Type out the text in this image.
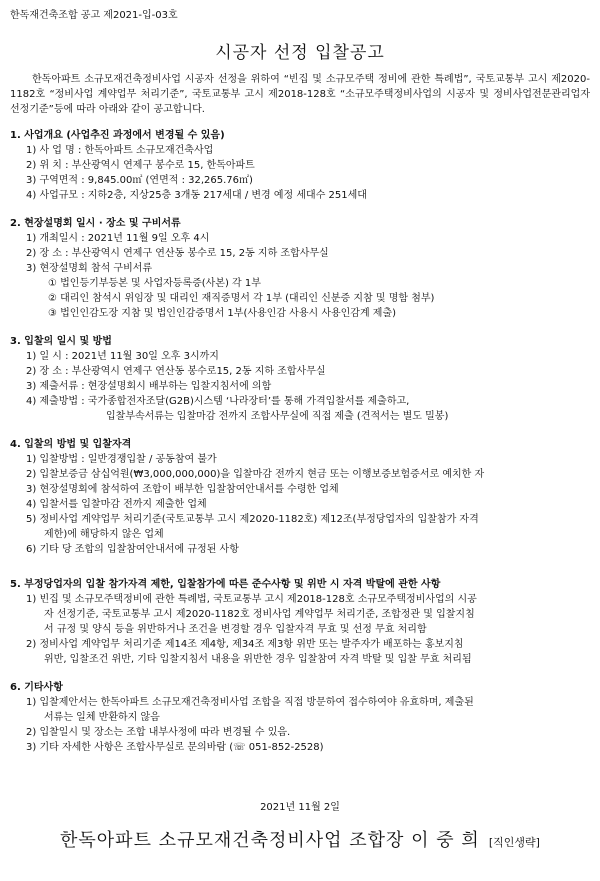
한독재건축조합 공고 제2021-입-03호
시공자 선정 입찰공고
한독아파트 소규모재건축정비사업 시공자 선정을 위하여 “빈집 및 소규모주택 정비에 관한 특례법”, 국토교통부 고시 제2020-1182호 “정비사업 계약업무 처리기준”, 국토교통부 고시 제2018-128호 “소규모주택정비사업의 시공자 및 정비사업전문관리업자 선정기준”등에 따라 아래와 같이 공고합니다.
1. 사업개요 (사업추진 과정에서 변경될 수 있음)
1) 사 업 명 : 한독아파트 소규모재건축사업
2) 위 치 : 부산광역시 연제구 봉수로 15, 한독아파트
3) 구역면적 : 9,845.00㎡ (연면적 : 32,265.76㎡)
4) 사업규모 : 지하2층, 지상25층 3개동 217세대 / 변경 예정 세대수 251세대
2. 현장설명회 일시 · 장소 및 구비서류
1) 개최일시 : 2021년 11월 9일 오후 4시
2) 장 소 : 부산광역시 연제구 연산동 봉수로 15, 2동 지하 조합사무실
3) 현장설명회 참석 구비서류
① 법인등기부등본 및 사업자등록증(사본) 각 1부
② 대리인 참석시 위임장 및 대리인 재직증명서 각 1부 (대리인 신분증 지참 및 명함 첨부)
③ 법인인감도장 지참 및 법인인감증명서 1부(사용인감 사용시 사용인감계 제출)
3. 입찰의 일시 및 방법
1) 일 시 : 2021년 11월 30일 오후 3시까지
2) 장 소 : 부산광역시 연제구 연산동 봉수로15, 2동 지하 조합사무실
3) 제출서류 : 현장설명회시 배부하는 입찰지침서에 의함
4) 제출방법 : 국가종합전자조달(G2B)시스템 ‘나라장터’를 통해 가격입찰서를 제출하고,
입찰부속서류는 입찰마감 전까지 조합사무실에 직접 제출 (견적서는 별도 밀봉)
4. 입찰의 방법 및 입찰자격
1) 입찰방법 : 일반경쟁입찰 / 공동참여 불가
2) 입찰보증금 삼십억원(₩3,000,000,000)을 입찰마감 전까지 현금 또는 이행보증보험증서로 예치한 자
3) 현장설명회에 참석하여 조합이 배부한 입찰참여안내서를 수령한 업체
4) 입찰서를 입찰마감 전까지 제출한 업체
5) 정비사업 계약업무 처리기준(국토교통부 고시 제2020-1182호) 제12조(부정당업자의 입찰참가 자격
제한)에 해당하지 않은 업체
6) 기타 당 조합의 입찰참여안내서에 규정된 사항
5. 부정당업자의 입찰 참가자격 제한, 입찰참가에 따른 준수사항 및 위반 시 자격 박탈에 관한 사항
1) 빈집 및 소규모주택정비에 관한 특례법, 국토교통부 고시 제2018-128호 소규모주택정비사업의 시공
자 선정기준, 국토교통부 고시 제2020-1182호 정비사업 계약업무 처리기준, 조합정관 및 입찰지침
서 규정 및 양식 등을 위반하거나 조건을 변경할 경우 입찰자격 무효 및 선정 무효 처리함
2) 정비사업 계약업무 처리기준 제14조 제4항, 제34조 제3항 위반 또는 발주자가 배포하는 홍보지침
위반, 입찰조건 위반, 기타 입찰지침서 내용을 위반한 경우 입찰참여 자격 박탈 및 입찰 무효 처리됨
6. 기타사항
1) 입찰제안서는 한독아파트 소규모재건축정비사업 조합을 직접 방문하여 접수하여야 유효하며, 제출된
서류는 일체 반환하지 않음
2) 입찰일시 및 장소는 조합 내부사정에 따라 변경될 수 있음.
3) 기타 자세한 사항은 조합사무실로 문의바람 (☏ 051-852-2528)
2021년 11월 2일
한독아파트 소규모재건축정비사업 조합장 이 중 희 [직인생략]
